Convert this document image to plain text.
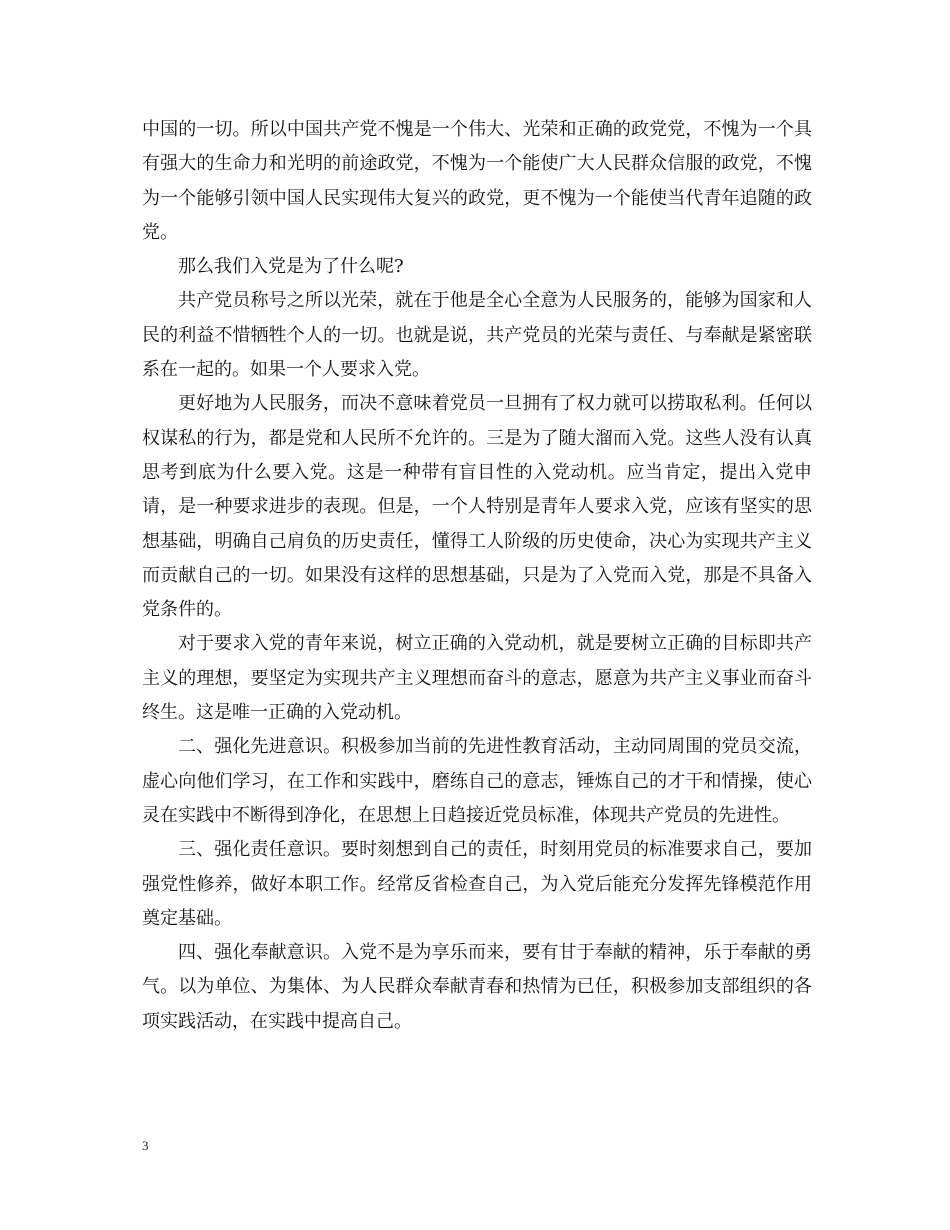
中国的一切。所以中国共产党不愧是一个伟大、光荣和正确的政党党，不愧为一个具有强大的生命力和光明的前途政党，不愧为一个能使广大人民群众信服的政党，不愧为一个能够引领中国人民实现伟大复兴的政党，更不愧为一个能使当代青年追随的政党。

那么我们入党是为了什么呢?

共产党员称号之所以光荣，就在于他是全心全意为人民服务的，能够为国家和人民的利益不惜牺牲个人的一切。也就是说，共产党员的光荣与责任、与奉献是紧密联系在一起的。如果一个人要求入党。

更好地为人民服务，而决不意味着党员一旦拥有了权力就可以捞取私利。任何以权谋私的行为，都是党和人民所不允许的。三是为了随大溜而入党。这些人没有认真思考到底为什么要入党。这是一种带有盲目性的入党动机。应当肯定，提出入党申请，是一种要求进步的表现。但是，一个人特别是青年人要求入党，应该有坚实的思想基础，明确自己肩负的历史责任，懂得工人阶级的历史使命，决心为实现共产主义而贡献自己的一切。如果没有这样的思想基础，只是为了入党而入党，那是不具备入党条件的。

对于要求入党的青年来说，树立正确的入党动机，就是要树立正确的目标即共产主义的理想，要坚定为实现共产主义理想而奋斗的意志，愿意为共产主义事业而奋斗终生。这是唯一正确的入党动机。

二、强化先进意识。积极参加当前的先进性教育活动，主动同周围的党员交流，虚心向他们学习，在工作和实践中，磨练自己的意志，锤炼自己的才干和情操，使心灵在实践中不断得到净化，在思想上日趋接近党员标准，体现共产党员的先进性。

三、强化责任意识。要时刻想到自己的责任，时刻用党员的标准要求自己，要加强党性修养，做好本职工作。经常反省检查自己，为入党后能充分发挥先锋模范作用奠定基础。

四、强化奉献意识。入党不是为享乐而来，要有甘于奉献的精神，乐于奉献的勇气。以为单位、为集体、为人民群众奉献青春和热情为已任，积极参加支部组织的各项实践活动，在实践中提高自己。

3
